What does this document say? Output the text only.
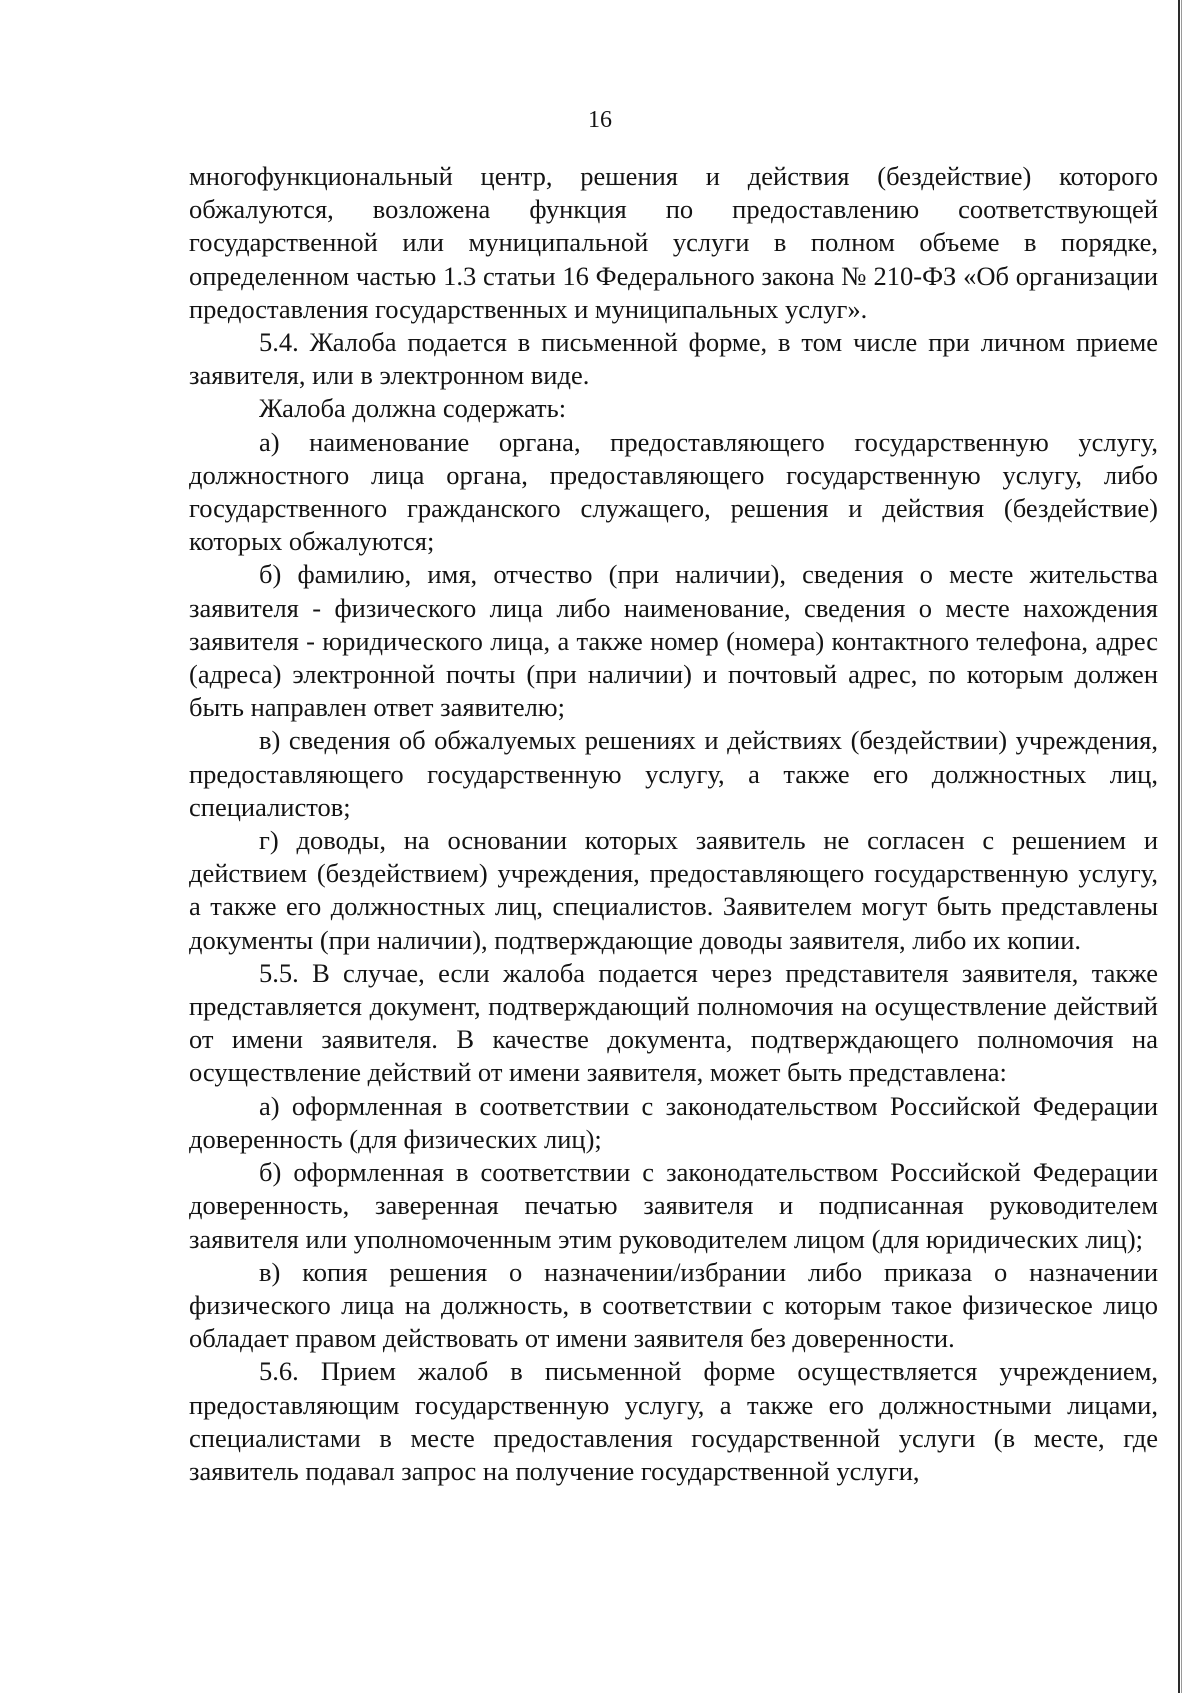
16

многофункциональный центр, решения и действия (бездействие) которого обжалуются, возложена функция по предоставлению соответствующей государственной или муниципальной услуги в полном объеме в порядке, определенном частью 1.3 статьи 16 Федерального закона № 210-ФЗ «Об организации предоставления государственных и муниципальных услуг».

5.4. Жалоба подается в письменной форме, в том числе при личном приеме заявителя, или в электронном виде.

Жалоба должна содержать:

а) наименование органа, предоставляющего государственную услугу, должностного лица органа, предоставляющего государственную услугу, либо государственного гражданского служащего, решения и действия (бездействие) которых обжалуются;

б) фамилию, имя, отчество (при наличии), сведения о месте жительства заявителя - физического лица либо наименование, сведения о месте нахождения заявителя - юридического лица, а также номер (номера) контактного телефона, адрес (адреса) электронной почты (при наличии) и почтовый адрес, по которым должен быть направлен ответ заявителю;

в) сведения об обжалуемых решениях и действиях (бездействии) учреждения, предоставляющего государственную услугу, а также его должностных лиц, специалистов;

г) доводы, на основании которых заявитель не согласен с решением и действием (бездействием) учреждения, предоставляющего государственную услугу, а также его должностных лиц, специалистов. Заявителем могут быть представлены документы (при наличии), подтверждающие доводы заявителя, либо их копии.

5.5. В случае, если жалоба подается через представителя заявителя, также представляется документ, подтверждающий полномочия на осуществление действий от имени заявителя. В качестве документа, подтверждающего полномочия на осуществление действий от имени заявителя, может быть представлена:

а) оформленная в соответствии с законодательством Российской Федерации доверенность (для физических лиц);

б) оформленная в соответствии с законодательством Российской Федерации доверенность, заверенная печатью заявителя и подписанная руководителем заявителя или уполномоченным этим руководителем лицом (для юридических лиц);

в) копия решения о назначении/избрании либо приказа о назначении физического лица на должность, в соответствии с которым такое физическое лицо обладает правом действовать от имени заявителя без доверенности.

5.6. Прием жалоб в письменной форме осуществляется учреждением, предоставляющим государственную услугу, а также его должностными лицами, специалистами в месте предоставления государственной услуги (в месте, где заявитель подавал запрос на получение государственной услуги,
